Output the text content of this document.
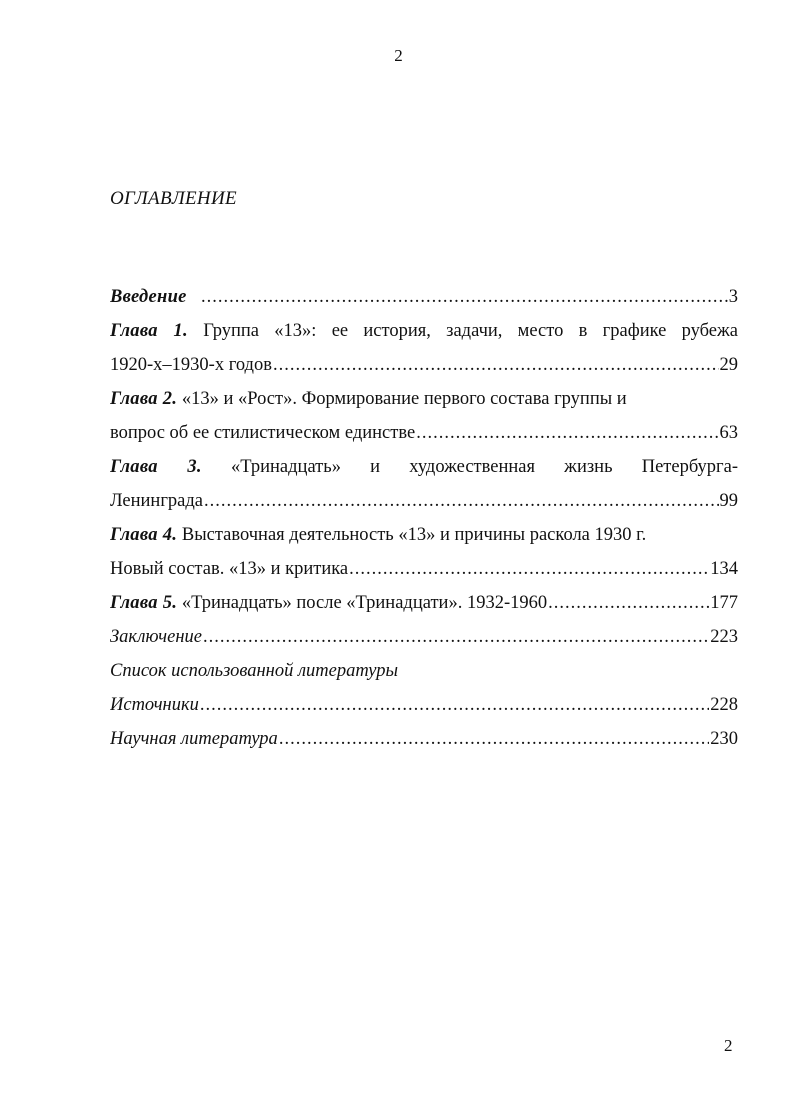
2
ОГЛАВЛЕНИЕ
Введение .....	3
Глава 1. Группа «13»: ее история, задачи, место в графике рубежа
1920-х–1930-х годов .....	29
Глава 2.
«13» и «Рост». Формирование первого состава группы и
вопрос об ее стилистическом единстве .....	63
Глава 3. «Тринадцать» и художественная жизнь Петербурга-
Ленинграда .....	99
Глава 4.
Выставочная деятельность «13» и причины раскола 1930 г.
Новый состав. «13» и критика .....	134
Глава 5.
«Тринадцать» после «Тринадцати». 1932-1960 .....	177
Заключение .....	223
Список использованной литературы
Источники .....	228
Научная литература .....	230
2
